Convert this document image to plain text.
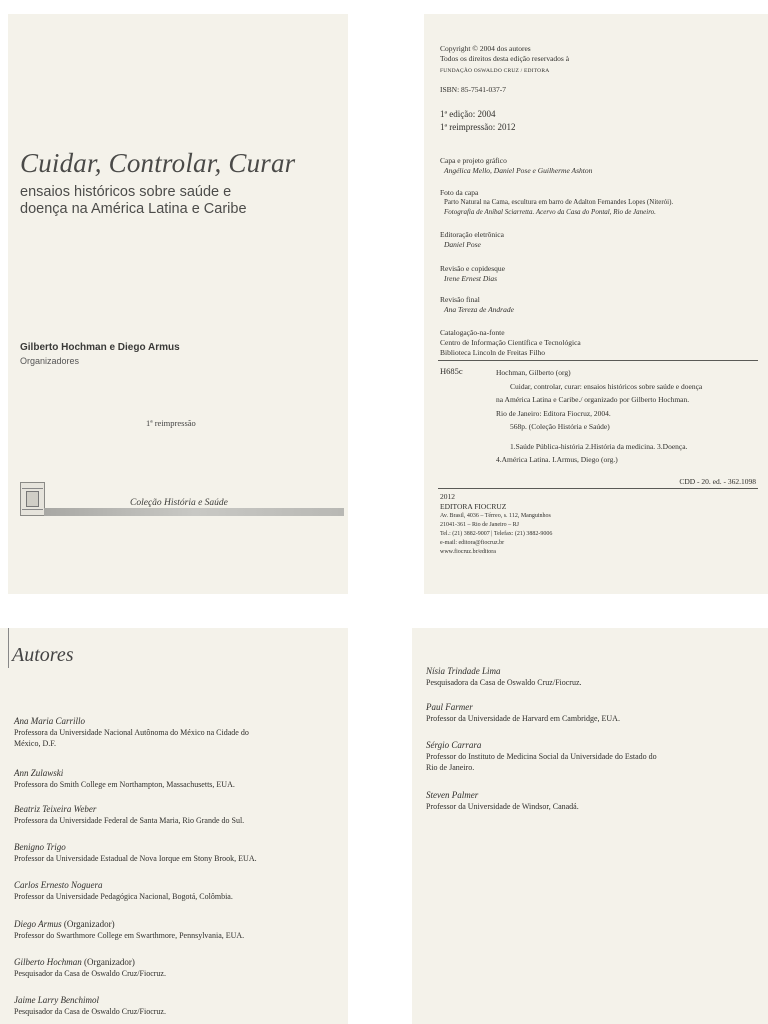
Cuidar, Controlar, Curar
ensaios históricos sobre saúde e
doença na América Latina e Caribe
Gilberto Hochman e Diego Armus
Organizadores
1ª reimpressão
Coleção História e Saúde
Copyright © 2004 dos autores
Todos os direitos desta edição reservados à
FUNDAÇÃO OSWALDO CRUZ / EDITORA
ISBN: 85-7541-037-7
1ª edição: 2004
1ª reimpressão: 2012
Capa e projeto gráfico
Angélica Mello, Daniel Pose e Guilherme Ashton
Foto da capa
Parto Natural na Cama, escultura em barro de Adalton Fernandes Lopes (Niterói).
Fotografia de Aníbal Sciarretta. Acervo da Casa do Pontal, Rio de Janeiro.
Editoração eletrônica
Daniel Pose
Revisão e copidesque
Irene Ernest Dias
Revisão final
Ana Tereza de Andrade
Catalogação-na-fonte
Centro de Informação Científica e Tecnológica
Biblioteca Lincoln de Freitas Filho
H685c	Hochman, Gilberto (org)
Cuidar, controlar, curar: ensaios históricos sobre saúde e doença
na América Latina e Caribe./ organizado por Gilberto Hochman.
Rio de Janeiro: Editora Fiocruz, 2004.
568p. (Coleção História e Saúde)
1.Saúde Pública-história 2.História da medicina. 3.Doença.
4.América Latina. I.Armus, Diego (org.)
CDD - 20. ed. - 362.1098
2012
EDITORA FIOCRUZ
Av. Brasil, 4036 – Térreo, s. 112, Manguinhos
21041-361 – Rio de Janeiro – RJ
Tel.: (21) 3882-9007 | Telefax: (21) 3882-9006
e-mail: editora@fiocruz.br
www.fiocruz.br/editora
Autores
Ana Maria Carrillo
Professora da Universidade Nacional Autônoma do México na Cidade do
México, D.F.
Ann Zulawski
Professora do Smith College em Northampton, Massachusetts, EUA.
Beatriz Teixeira Weber
Professora da Universidade Federal de Santa Maria, Rio Grande do Sul.
Benigno Trigo
Professor da Universidade Estadual de Nova Iorque em Stony Brook, EUA.
Carlos Ernesto Noguera
Professor da Universidade Pedagógica Nacional, Bogotá, Colômbia.
Diego Armus (Organizador)
Professor do Swarthmore College em Swarthmore, Pennsylvania, EUA.
Gilberto Hochman (Organizador)
Pesquisador da Casa de Oswaldo Cruz/Fiocruz.
Jaime Larry Benchimol
Pesquisador da Casa de Oswaldo Cruz/Fiocruz.
Nísia Trindade Lima
Pesquisadora da Casa de Oswaldo Cruz/Fiocruz.
Paul Farmer
Professor da Universidade de Harvard em Cambridge, EUA.
Sérgio Carrara
Professor do Instituto de Medicina Social da Universidade do Estado do
Rio de Janeiro.
Steven Palmer
Professor da Universidade de Windsor, Canadá.
